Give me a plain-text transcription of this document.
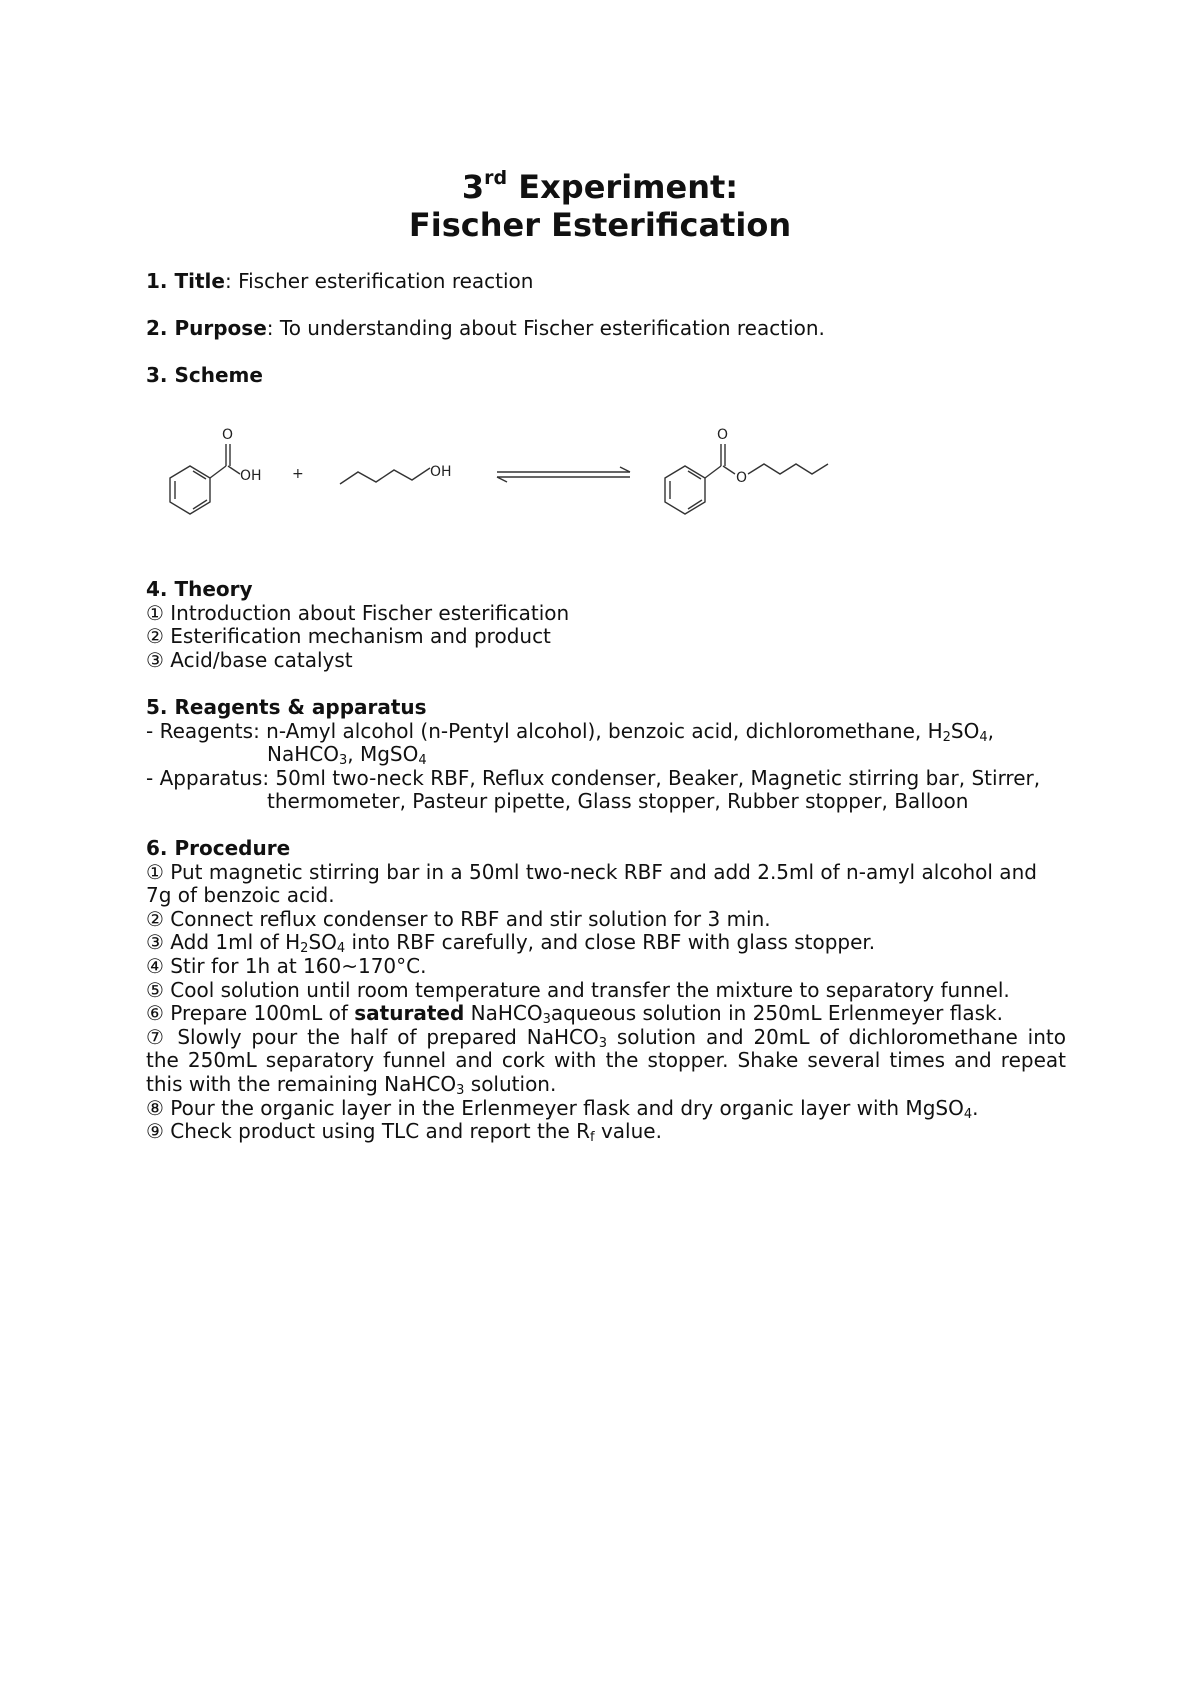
3rd Experiment:
Fischer Esterification
1. Title: Fischer esterification reaction
2. Purpose: To understanding about Fischer esterification reaction.
3. Scheme
O
OH +	OH
O
O
4. Theory
① Introduction about Fischer esterification
② Esterification mechanism and product
③ Acid/base catalyst
5. Reagents & apparatus
- Reagents: n-Amyl alcohol (n-Pentyl alcohol), benzoic acid, dichloromethane, $H_2SO_4$,
NaHCO$_3$, MgSO$_4$
- Apparatus: 50ml two-neck RBF, Reflux condenser, Beaker, Magnetic stirring bar, Stirrer,
thermometer, Pasteur pipette, Glass stopper, Rubber stopper, Balloon
6. Procedure
① Put magnetic stirring bar in a 50ml two-neck RBF and add 2.5ml of n-amyl alcohol and
7g of benzoic acid.
② Connect reflux condenser to RBF and stir solution for 3 min.
③ Add 1ml of $H_2SO_4$ into RBF carefully, and close RBF with glass stopper.
④ Stir for 1h at 160~170°C.
⑤ Cool solution until room temperature and transfer the mixture to separatory funnel.
⑥ Prepare 100mL of saturated NaHCO$_3$aqueous solution in 250mL Erlenmeyer flask.
⑦ Slowly pour the half of prepared NaHCO$_3$ solution and 20mL of dichloromethane into
the 250mL separatory funnel and cork with the stopper. Shake several times and repeat
this with the remaining NaHCO$_3$ solution.
⑧ Pour the organic layer in the Erlenmeyer flask and dry organic layer with MgSO$_4$.
⑨ Check product using TLC and report the $R_f$ value.
